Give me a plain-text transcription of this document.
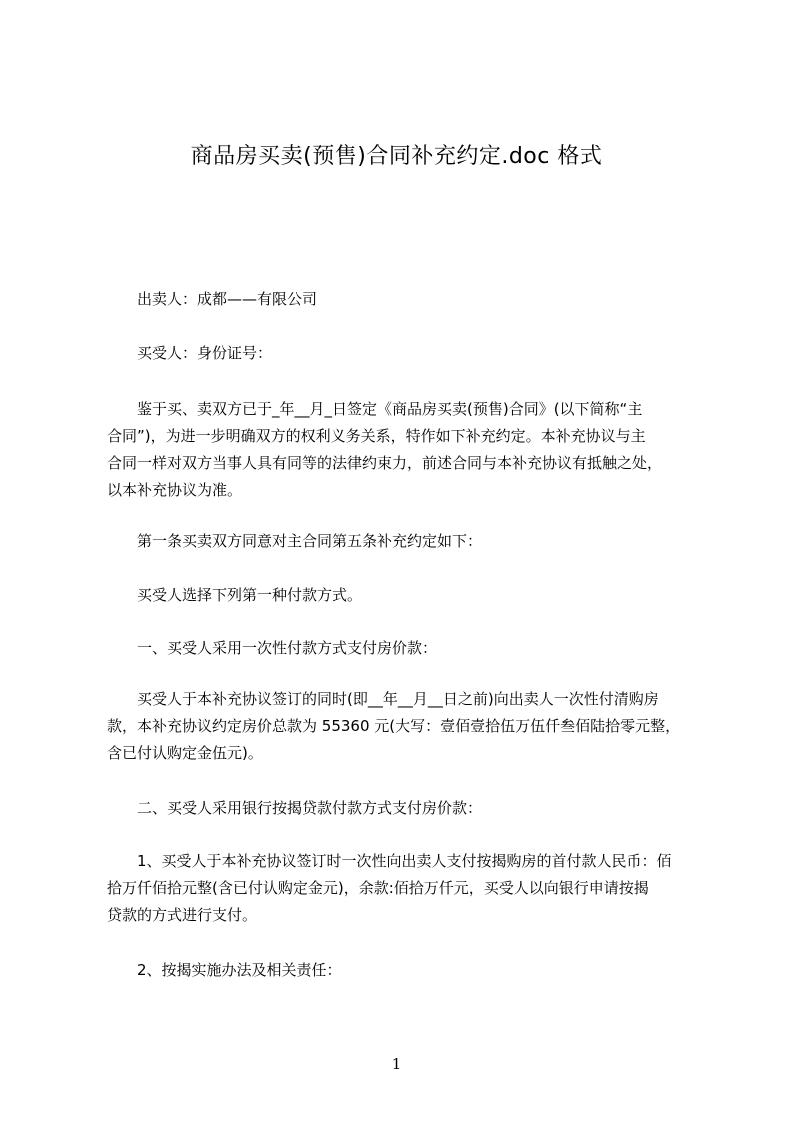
商品房买卖(预售)合同补充约定.doc 格式

出卖人：成都——有限公司

买受人：身份证号：

鉴于买、卖双方已于_年__月_日签定《商品房买卖(预售)合同》(以下简称“主
合同”)，为进一步明确双方的权利义务关系，特作如下补充约定。本补充协议与主
合同一样对双方当事人具有同等的法律约束力，前述合同与本补充协议有抵触之处，
以本补充协议为准。

第一条买卖双方同意对主合同第五条补充约定如下：

买受人选择下列第一种付款方式。

一、买受人采用一次性付款方式支付房价款：

买受人于本补充协议签订的同时(即__年__月__日之前)向出卖人一次性付清购房
款，本补充协议约定房价总款为 55360 元(大写：壹佰壹拾伍万伍仟叁佰陆拾零元整，
含已付认购定金伍元)。

二、买受人采用银行按揭贷款付款方式支付房价款：

1、买受人于本补充协议签订时一次性向出卖人支付按揭购房的首付款人民币：佰
拾万仟佰拾元整(含已付认购定金元)，余款:佰拾万仟元，买受人以向银行申请按揭
贷款的方式进行支付。

2、按揭实施办法及相关责任：

1
